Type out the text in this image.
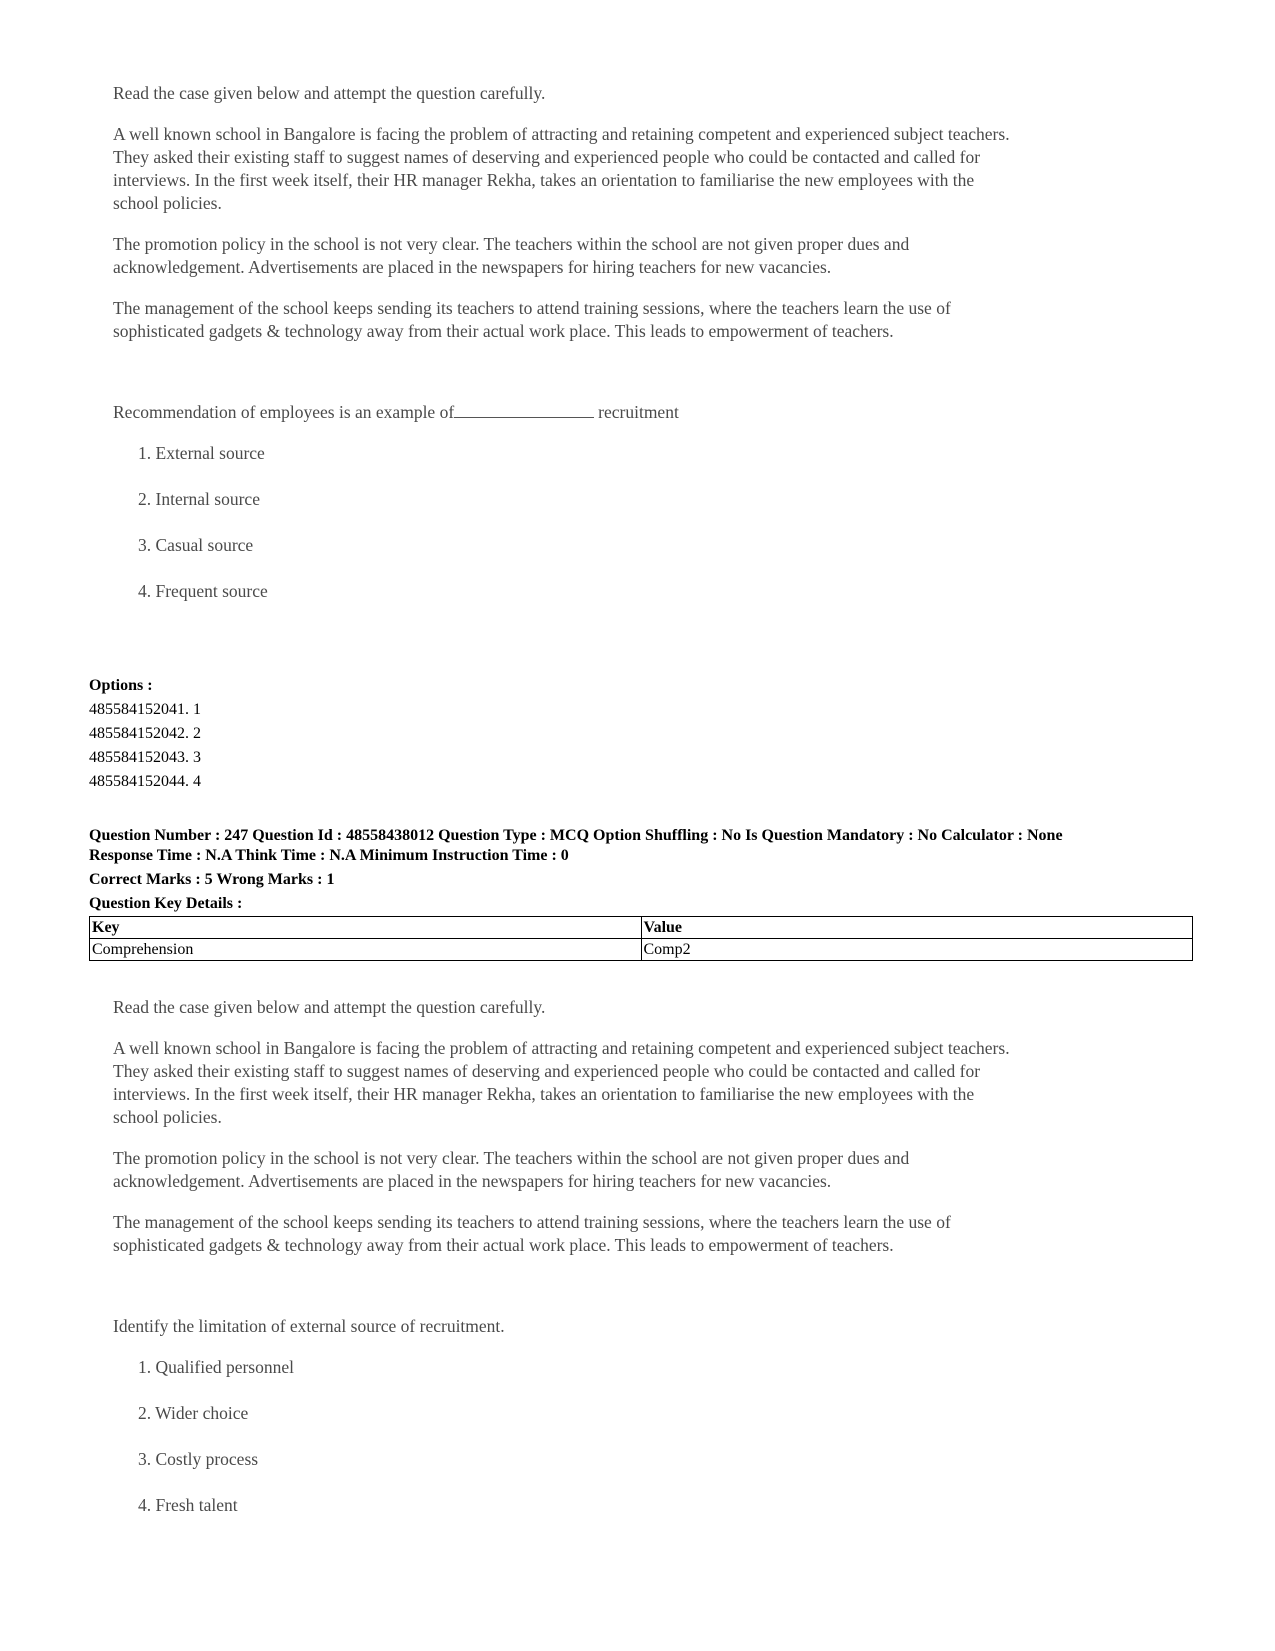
Read the case given below and attempt the question carefully.

A well known school in Bangalore is facing the problem of attracting and retaining competent and experienced subject teachers. They asked their existing staff to suggest names of deserving and experienced people who could be contacted and called for interviews. In the first week itself, their HR manager Rekha, takes an orientation to familiarise the new employees with the school policies.

The promotion policy in the school is not very clear. The teachers within the school are not given proper dues and acknowledgement. Advertisements are placed in the newspapers for hiring teachers for new vacancies.

The management of the school keeps sending its teachers to attend training sessions, where the teachers learn the use of sophisticated gadgets & technology away from their actual work place. This leads to empowerment of teachers.

Recommendation of employees is an example of	recruitment

1. External source
2. Internal source
3. Casual source
4. Frequent source
Options :
485584152041. 1
485584152042. 2
485584152043. 3
485584152044. 4
Question Number : 247 Question Id : 48558438012 Question Type : MCQ Option Shuffling : No Is Question Mandatory : No Calculator : None
Response Time : N.A Think Time : N.A Minimum Instruction Time : 0
Correct Marks : 5 Wrong Marks : 1
Question Key Details :
Key	Value
Comprehension	Comp2

Read the case given below and attempt the question carefully.

A well known school in Bangalore is facing the problem of attracting and retaining competent and experienced subject teachers. They asked their existing staff to suggest names of deserving and experienced people who could be contacted and called for interviews. In the first week itself, their HR manager Rekha, takes an orientation to familiarise the new employees with the school policies.

The promotion policy in the school is not very clear. The teachers within the school are not given proper dues and acknowledgement. Advertisements are placed in the newspapers for hiring teachers for new vacancies.

The management of the school keeps sending its teachers to attend training sessions, where the teachers learn the use of sophisticated gadgets & technology away from their actual work place. This leads to empowerment of teachers.

Identify the limitation of external source of recruitment.

1. Qualified personnel
2. Wider choice
3. Costly process
4. Fresh talent
